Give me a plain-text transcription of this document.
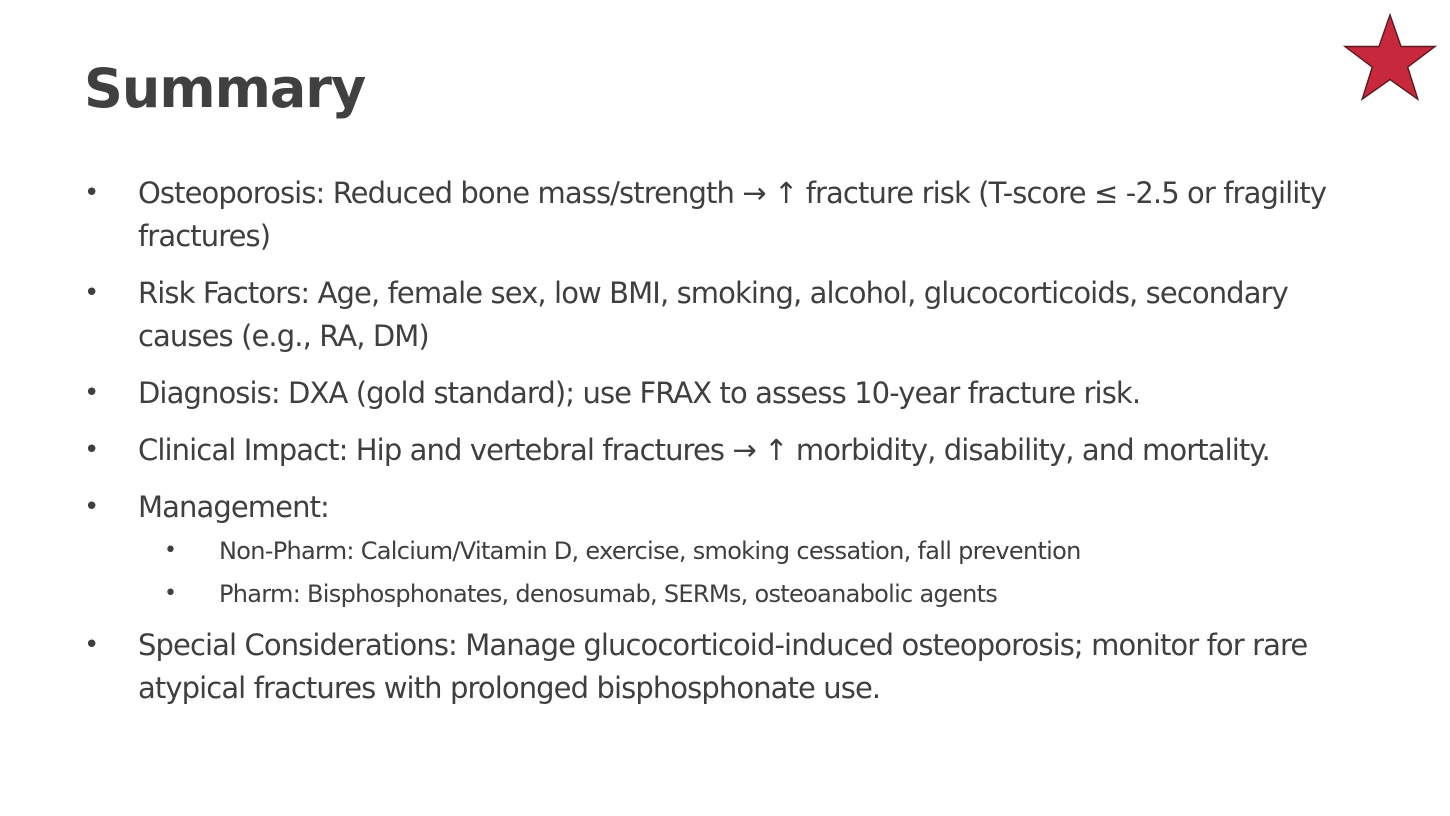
Summary
• Osteoporosis: Reduced bone mass/strength → ↑ fracture risk (T-score ≤ -2.5 or fragility fractures)
• Risk Factors: Age, female sex, low BMI, smoking, alcohol, glucocorticoids, secondary causes (e.g., RA, DM)
• Diagnosis: DXA (gold standard); use FRAX to assess 10-year fracture risk.
• Clinical Impact: Hip and vertebral fractures → ↑ morbidity, disability, and mortality.
• Management:
•	Non-Pharm: Calcium/Vitamin D, exercise, smoking cessation, fall prevention
•	Pharm: Bisphosphonates, denosumab, SERMs, osteoanabolic agents
• Special Considerations: Manage glucocorticoid-induced osteoporosis; monitor for rare atypical fractures with prolonged bisphosphonate use.
